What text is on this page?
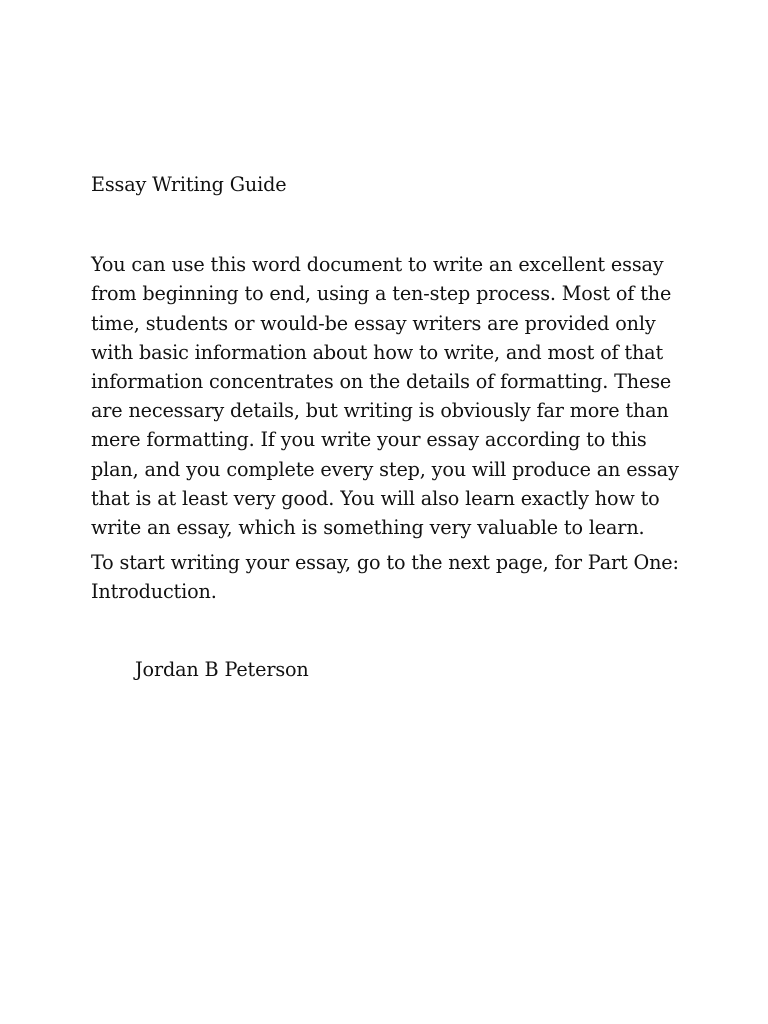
Essay Writing Guide

You can use this word document to write an excellent essay from beginning to end, using a ten-step process. Most of the time, students or would-be essay writers are provided only with basic information about how to write, and most of that information concentrates on the details of formatting. These are necessary details, but writing is obviously far more than mere formatting. If you write your essay according to this plan, and you complete every step, you will produce an essay that is at least very good. You will also learn exactly how to write an essay, which is something very valuable to learn.

To start writing your essay, go to the next page, for Part One: Introduction.

Jordan B Peterson
